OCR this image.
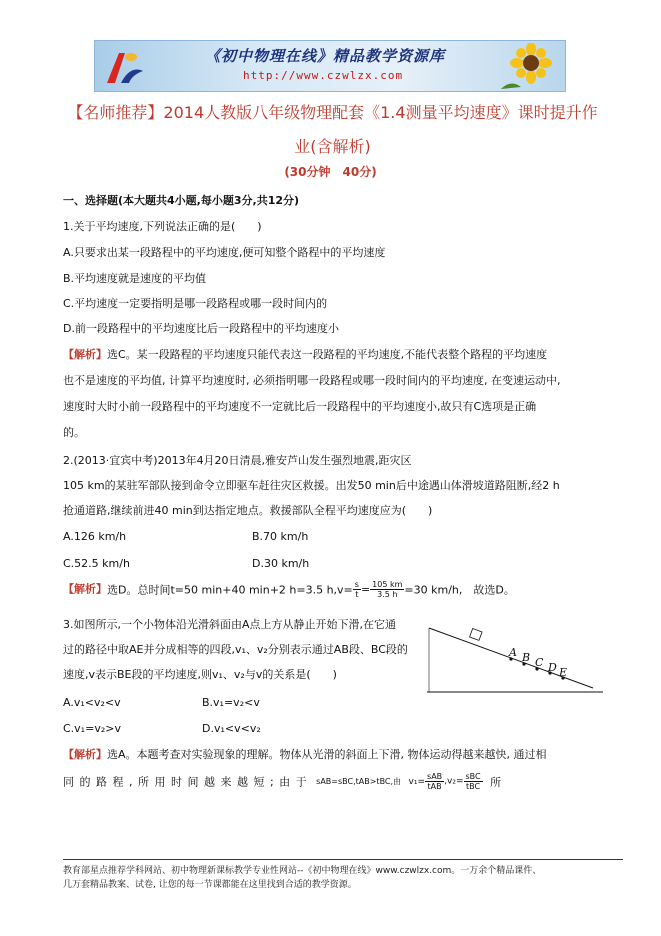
《初中物理在线》精品教学资源库
http://www.czwlzx.com
【名师推荐】2014人教版八年级物理配套《1.4测量平均速度》课时提升作
业(含解析)
(30分钟　40分)
一、选择题(本大题共4小题,每小题3分,共12分)
1.关于平均速度,下列说法正确的是(　　)
A.只要求出某一段路程中的平均速度,便可知整个路程中的平均速度
B.平均速度就是速度的平均值
C.平均速度一定要指明是哪一段路程或哪一段时间内的
D.前一段路程中的平均速度比后一段路程中的平均速度小
【解析】选C。某一段路程的平均速度只能代表这一段路程的平均速度,不能代表整个路程的平均速度
也不是速度的平均值, 计算平均速度时, 必须指明哪一段路程或哪一段时间内的平均速度, 在变速运动中,
速度时大时小前一段路程中的平均速度不一定就比后一段路程中的平均速度小,故只有C选项是正确
的。
2.(2013·宜宾中考)2013年4月20日清晨,雅安芦山发生强烈地震,距灾区
105 km的某驻军部队接到命令立即驱车赶往灾区救援。出发50 min后中途遇山体滑坡道路阻断,经2 h
抢通道路,继续前进40 min到达指定地点。救援部队全程平均速度应为(　　)
A.126 km/h	B.70 km/h
C.52.5 km/h	D.30 km/h
【解析】选D。总时间t=50 min+40 min+2 h=3.5 $h,v= \frac{s}{t} = \frac{105 km}{3.5 h} =30$ km/h,　故选D。
3.如图所示,一个小物体沿光滑斜面由A点上方从静止开始下滑,在它通
过的路径中取AE并分成相等的四段,v₁、v₂分别表示通过AB段、BC段的
速度,v表示BE段的平均速度,则v₁、v₂与v的关系是(　　)
A.v₁<v₂<v	B.v₁=v₂<v
C.v₁=v₂>v	D.v₁<v<v₂
A B C D E
【解析】选A。本题考查对实验现象的理解。物体从光滑的斜面上下滑, 物体运动得越来越快, 通过相
同 的 路 程 , 所 用 时 间 越 来 越 短 ; 由 于 sAB=sBC,tAB>tBC,由 $v_1= \frac{\text{sAB}}{\text{tAB}} ,v_2= \frac{\text{sBC}}{\text{tBC}}$ 所
教育部星点推荐学科网站、初中物理新课标教学专业性网站--《初中物理在线》www.czwlzx.com。一万余个精品课件、
几万套精品教案、试卷, 让您的每一节课都能在这里找到合适的教学资源。
